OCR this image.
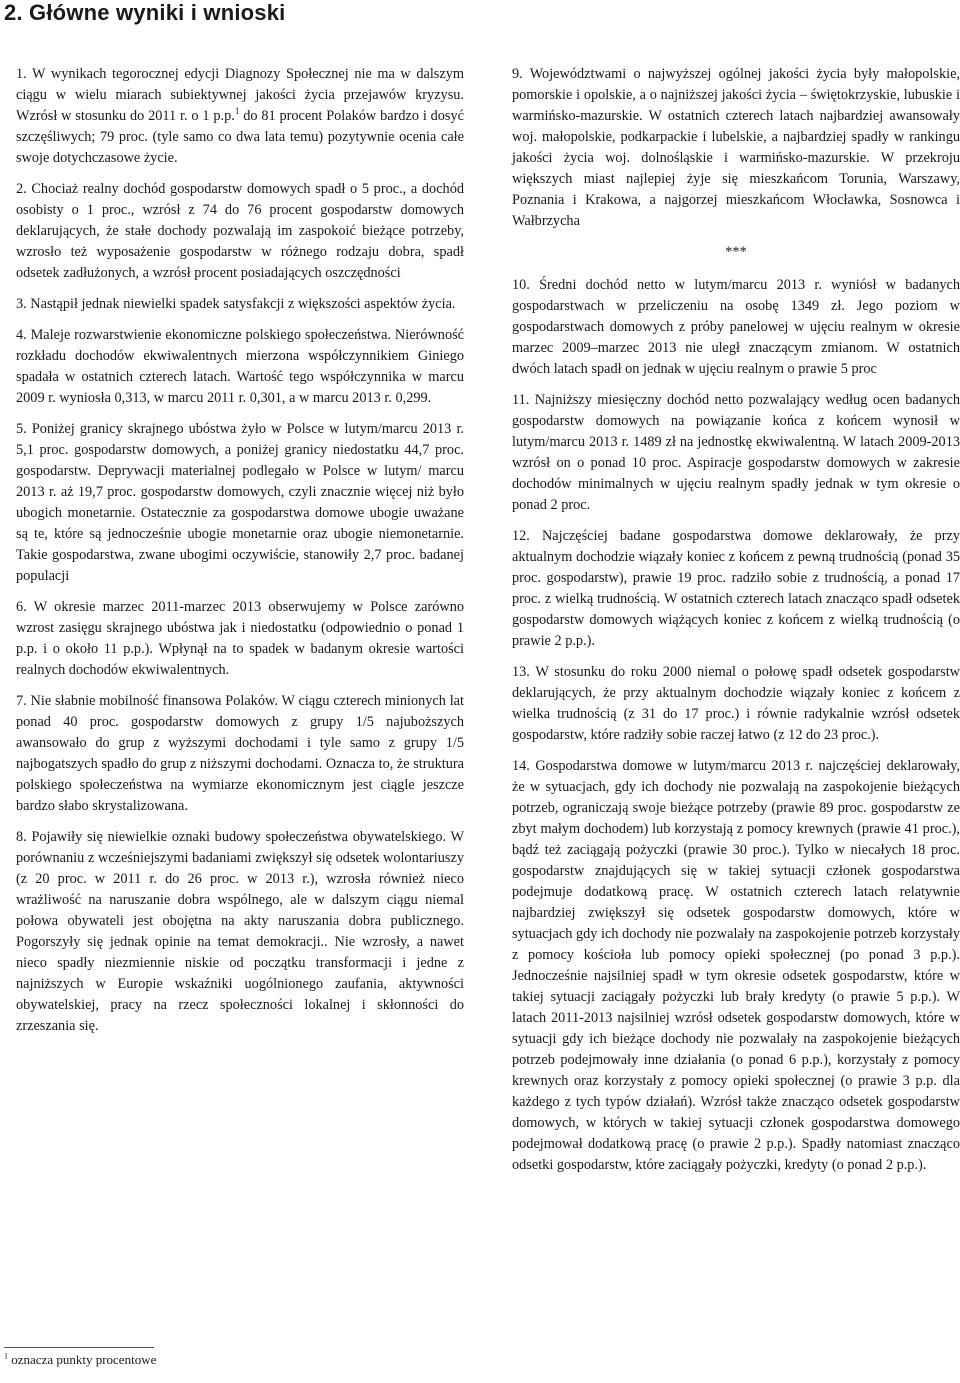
2. Główne wyniki i wnioski

1. W wynikach tegorocznej edycji Diagnozy Społecznej nie ma w dalszym ciągu w wielu miarach subiektywnej jakości życia przejawów kryzysu. Wzrósł w stosunku do 2011 r. o 1 p.p.$^1$ do 81 procent Polaków bardzo i dosyć szczęśliwych; 79 proc. (tyle samo co dwa lata temu) pozytywnie ocenia całe swoje dotychczasowe życie.

2. Chociaż realny dochód gospodarstw domowych spadł o 5 proc., a dochód osobisty o 1 proc., wzrósł z 74 do 76 procent gospodarstw domowych deklarujących, że stałe dochody pozwalają im zaspokoić bieżące potrzeby, wzrosło też wyposażenie gospodarstw w różnego rodzaju dobra, spadł odsetek zadłużonych, a wzrósł procent posiadających oszczędności

3. Nastąpił jednak niewielki spadek satysfakcji z większości aspektów życia.

4. Maleje rozwarstwienie ekonomiczne polskiego społeczeństwa. Nierówność rozkładu dochodów ekwiwalentnych mierzona współczynnikiem Giniego spadała w ostatnich czterech latach. Wartość tego współczynnika w marcu 2009 r. wyniosła 0,313, w marcu 2011 r. 0,301, a w marcu 2013 r. 0,299.

5. Poniżej granicy skrajnego ubóstwa żyło w Polsce w lutym/marcu 2013 r. 5,1 proc. gospodarstw domowych, a poniżej granicy niedostatku 44,7 proc. gospodarstw. Deprywacji materialnej podlegało w Polsce w lutym/ marcu 2013 r. aż 19,7 proc. gospodarstw domowych, czyli znacznie więcej niż było ubogich monetarnie. Ostatecznie za gospodarstwa domowe ubogie uważane są te, które są jednocześnie ubogie monetarnie oraz ubogie niemonetarnie. Takie gospodarstwa, zwane ubogimi oczywiście, stanowiły 2,7 proc. badanej populacji

6. W okresie marzec 2011-marzec 2013 obserwujemy w Polsce zarówno wzrost zasięgu skrajnego ubóstwa jak i niedostatku (odpowiednio o ponad 1 p.p. i o około 11 p.p.). Wpłynął na to spadek w badanym okresie wartości realnych dochodów ekwiwalentnych.

7. Nie słabnie mobilność finansowa Polaków. W ciągu czterech minionych lat ponad 40 proc. gospodarstw domowych z grupy 1/5 najuboższych awansowało do grup z wyższymi dochodami i tyle samo z grupy 1/5 najbogatszych spadło do grup z niższymi dochodami. Oznacza to, że struktura polskiego społeczeństwa na wymiarze ekonomicznym jest ciągle jeszcze bardzo słabo skrystalizowana.

8. Pojawiły się niewielkie oznaki budowy społeczeństwa obywatelskiego. W porównaniu z wcześniejszymi badaniami zwiększył się odsetek wolontariuszy (z 20 proc. w 2011 r. do 26 proc. w 2013 r.), wzrosła również nieco wrażliwość na naruszanie dobra wspólnego, ale w dalszym ciągu niemal połowa obywateli jest obojętna na akty naruszania dobra publicznego. Pogorszyły się jednak opinie na temat demokracji.. Nie wzrosły, a nawet nieco spadły niezmiennie niskie od początku transformacji i jedne z najniższych w Europie wskaźniki uogólnionego zaufania, aktywności obywatelskiej, pracy na rzecz społeczności lokalnej i skłonności do zrzeszania się.

9. Województwami o najwyższej ogólnej jakości życia były małopolskie, pomorskie i opolskie, a o najniższej jakości życia – świętokrzyskie, lubuskie i warmińsko-mazurskie. W ostatnich czterech latach najbardziej awansowały woj. małopolskie, podkarpackie i lubelskie, a najbardziej spadły w rankingu jakości życia woj. dolnośląskie i warmińsko-mazurskie. W przekroju większych miast najlepiej żyje się mieszkańcom Torunia, Warszawy, Poznania i Krakowa, a najgorzej mieszkańcom Włocławka, Sosnowca i Wałbrzycha

***

10. Średni dochód netto w lutym/marcu 2013 r. wyniósł w badanych gospodarstwach w przeliczeniu na osobę 1349 zł. Jego poziom w gospodarstwach domowych z próby panelowej w ujęciu realnym w okresie marzec 2009–marzec 2013 nie uległ znaczącym zmianom. W ostatnich dwóch latach spadł on jednak w ujęciu realnym o prawie 5 proc

11. Najniższy miesięczny dochód netto pozwalający według ocen badanych gospodarstw domowych na powiązanie końca z końcem wynosił w lutym/marcu 2013 r. 1489 zł na jednostkę ekwiwalentną. W latach 2009-2013 wzrósł on o ponad 10 proc. Aspiracje gospodarstw domowych w zakresie dochodów minimalnych w ujęciu realnym spadły jednak w tym okresie o ponad 2 proc.

12. Najczęściej badane gospodarstwa domowe deklarowały, że przy aktualnym dochodzie wiązały koniec z końcem z pewną trudnością (ponad 35 proc. gospodarstw), prawie 19 proc. radziło sobie z trudnością, a ponad 17 proc. z wielką trudnością. W ostatnich czterech latach znacząco spadł odsetek gospodarstw domowych wiążących koniec z końcem z wielką trudnością (o prawie 2 p.p.).

13. W stosunku do roku 2000 niemal o połowę spadł odsetek gospodarstw deklarujących, że przy aktualnym dochodzie wiązały koniec z końcem z wielka trudnością (z 31 do 17 proc.) i równie radykalnie wzrósł odsetek gospodarstw, które radziły sobie raczej łatwo (z 12 do 23 proc.).

14. Gospodarstwa domowe w lutym/marcu 2013 r. najczęściej deklarowały, że w sytuacjach, gdy ich dochody nie pozwalają na zaspokojenie bieżących potrzeb, ograniczają swoje bieżące potrzeby (prawie 89 proc. gospodarstw ze zbyt małym dochodem) lub korzystają z pomocy krewnych (prawie 41 proc.), bądź też zaciągają pożyczki (prawie 30 proc.). Tylko w niecałych 18 proc. gospodarstw znajdujących się w takiej sytuacji członek gospodarstwa podejmuje dodatkową pracę. W ostatnich czterech latach relatywnie najbardziej zwiększył się odsetek gospodarstw domowych, które w sytuacjach gdy ich dochody nie pozwalały na zaspokojenie potrzeb korzystały z pomocy kościoła lub pomocy opieki społecznej (po ponad 3 p.p.). Jednocześnie najsilniej spadł w tym okresie odsetek gospodarstw, które w takiej sytuacji zaciągały pożyczki lub brały kredyty (o prawie 5 p.p.). W latach 2011-2013 najsilniej wzrósł odsetek gospodarstw domowych, które w sytuacji gdy ich bieżące dochody nie pozwalały na zaspokojenie bieżących potrzeb podejmowały inne działania (o ponad 6 p.p.), korzystały z pomocy krewnych oraz korzystały z pomocy opieki społecznej (o prawie 3 p.p. dla każdego z tych typów działań). Wzrósł także znacząco odsetek gospodarstw domowych, w których w takiej sytuacji członek gospodarstwa domowego podejmował dodatkową pracę (o prawie 2 p.p.). Spadły natomiast znacząco odsetki gospodarstw, które zaciągały pożyczki, kredyty (o ponad 2 p.p.).

$^1$ oznacza punkty procentowe
